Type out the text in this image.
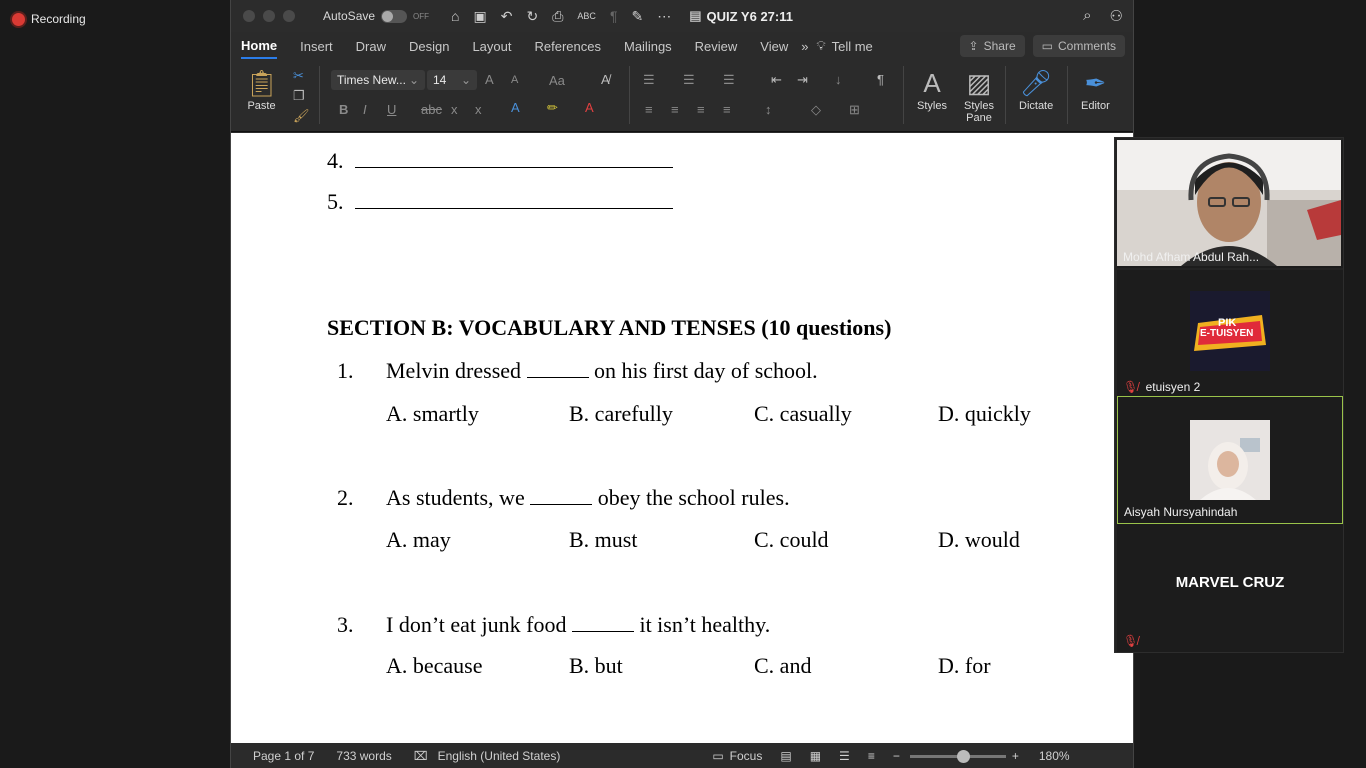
Recording	AutoSave	OFF ⌂ ▣ ↶ ↻ ⎙ ABC ¶ ✎ ⋯ ▤ QUIZ Y6 27:11	⌕ ⚇
Home Insert Draw Design Layout References Mailings Review View » 💡︎ Tell me	⇪ Share ▭ Comments
📋︎
Paste
✂
❐
🖌︎
Times New... ⌄	14 ⌄ A A Aa	A̸
B I U abc x x A ✏ A
☰ ☰ ☰	⇤ ⇥ ↓	¶
≡ ≡ ≡ ≡	↕	◇ ⊞
A
Styles
▨
Styles Pane
🎤︎
Dictate
✒
Editor
4.
5.
SECTION B: VOCABULARY AND TENSES (10 questions)
1. Melvin dressed	on his first day of school.
A. smartly	B. carefully	C. casually	D. quickly
2. As students, we	obey the school rules.
A. may	B. must	C. could	D. would
3. I don’t eat junk food	it isn’t healthy.
A. because	B. but	C. and	D. for
Page 1 of 7 733 words ⌧ English (United States)	▭ Focus ▤ ▦ ☰ ≡ −	+ 180%
Mohd Afham Abdul Rah...
PIK
E-TUISYEN
🎙︎̸ etuisyen 2
Aisyah Nursyahindah
MARVEL CRUZ
🎙︎̸
